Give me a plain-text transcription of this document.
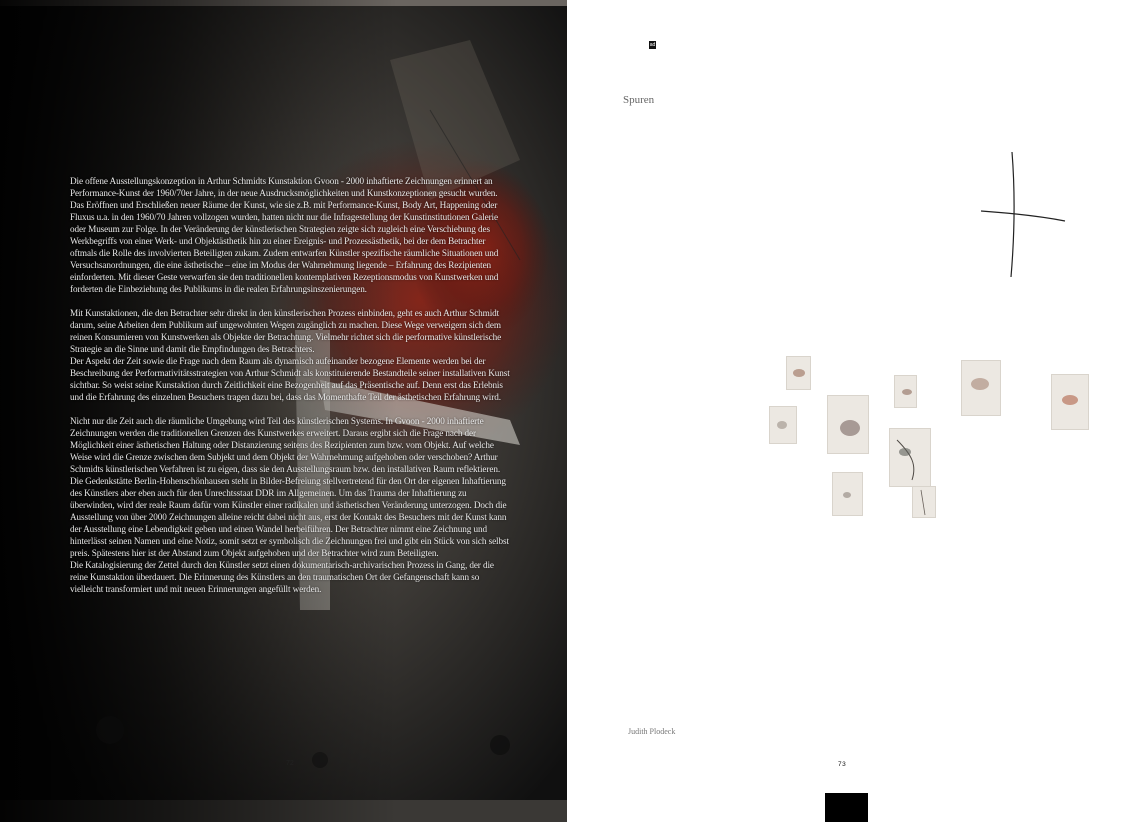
Die offene Ausstellungskonzeption in Arthur Schmidts Kunstaktion Gvoon - 2000 inhaftierte Zeichnungen erinnert an Performance-Kunst der 1960/70er Jahre, in der neue Ausdrucksmöglichkeiten und Kunstkonzeptionen gesucht wurden. Das Eröffnen und Erschließen neuer Räume der Kunst, wie sie z.B. mit Performance-Kunst, Body Art, Happening oder Fluxus u.a. in den 1960/70 Jahren vollzogen wurden, hatten nicht nur die Infragestellung der Kunstinstitutionen Galerie oder Museum zur Folge. In der Veränderung der künstlerischen Strategien zeigte sich zugleich eine Verschiebung des Werkbegriffs von einer Werk- und Objektästhetik hin zu einer Ereignis- und Prozessästhetik, bei der dem Betrachter oftmals die Rolle des involvierten Beteiligten zukam. Zudem entwarfen Künstler spezifische räumliche Situationen und Versuchsanordnungen, die eine ästhetische – eine im Modus der Wahrnehmung liegende – Erfahrung des Rezipienten einforderten. Mit dieser Geste verwarfen sie den traditionellen kontemplativen Rezeptionsmodus von Kunstwerken und forderten die Einbeziehung des Publikums in die realen Erfahrungsinszenierungen.

Mit Kunstaktionen, die den Betrachter sehr direkt in den künstlerischen Prozess einbinden, geht es auch Arthur Schmidt darum, seine Arbeiten dem Publikum auf ungewohnten Wegen zugänglich zu machen. Diese Wege verweigern sich dem reinen Konsumieren von Kunstwerken als Objekte der Betrachtung. Vielmehr richtet sich die performative künstlerische Strategie an die Sinne und damit die Empfindungen des Betrachters.

Der Aspekt der Zeit sowie die Frage nach dem Raum als dynamisch aufeinander bezogene Elemente werden bei der Beschreibung der Performativitätsstrategien von Arthur Schmidt als konstituierende Bestandteile seiner installativen Kunst sichtbar. So weist seine Kunstaktion durch Zeitlichkeit eine Bezogenheit auf das Präsentische auf. Denn erst das Erlebnis und die Erfahrung des einzelnen Besuchers tragen dazu bei, dass das Momenthafte Teil der ästhetischen Erfahrung wird.

Nicht nur die Zeit auch die räumliche Umgebung wird Teil des künstlerischen Systems. In Gvoon - 2000 inhaftierte Zeichnungen werden die traditionellen Grenzen des Kunstwerkes erweitert. Daraus ergibt sich die Frage nach der Möglichkeit einer ästhetischen Haltung oder Distanzierung seitens des Rezipienten zum bzw. vom Objekt. Auf welche Weise wird die Grenze zwischen dem Subjekt und dem Objekt der Wahrnehmung aufgehoben oder verschoben? Arthur Schmidts künstlerischen Verfahren ist zu eigen, dass sie den Ausstellungsraum bzw. den installativen Raum reflektieren.

Die Gedenkstätte Berlin-Hohenschönhausen steht in Bilder-Befreiung stellvertretend für den Ort der eigenen Inhaftierung des Künstlers aber eben auch für den Unrechtsstaat DDR im Allgemeinen. Um das Trauma der Inhaftierung zu überwinden, wird der reale Raum dafür vom Künstler einer radikalen und ästhetischen Veränderung unterzogen. Doch die Ausstellung von über 2000 Zeichnungen alleine reicht dabei nicht aus, erst der Kontakt des Besuchers mit der Kunst kann der Ausstellung eine Lebendigkeit geben und einen Wandel herbeiführen. Der Betrachter nimmt eine Zeichnung und hinterlässt seinen Namen und eine Notiz, somit setzt er symbolisch die Zeichnungen frei und gibt ein Stück von sich selbst preis. Spätestens hier ist der Abstand zum Objekt aufgehoben und der Betrachter wird zum Beteiligten.

Die Katalogisierung der Zettel durch den Künstler setzt einen dokumentarisch-archivarischen Prozess in Gang, der die reine Kunstaktion überdauert. Die Erinnerung des Künstlers an den traumatischen Ort der Gefangenschaft kann so vielleicht transformiert und mit neuen Erinnerungen angefüllt werden.

72
ad
Spuren
Judith Plodeck
73
